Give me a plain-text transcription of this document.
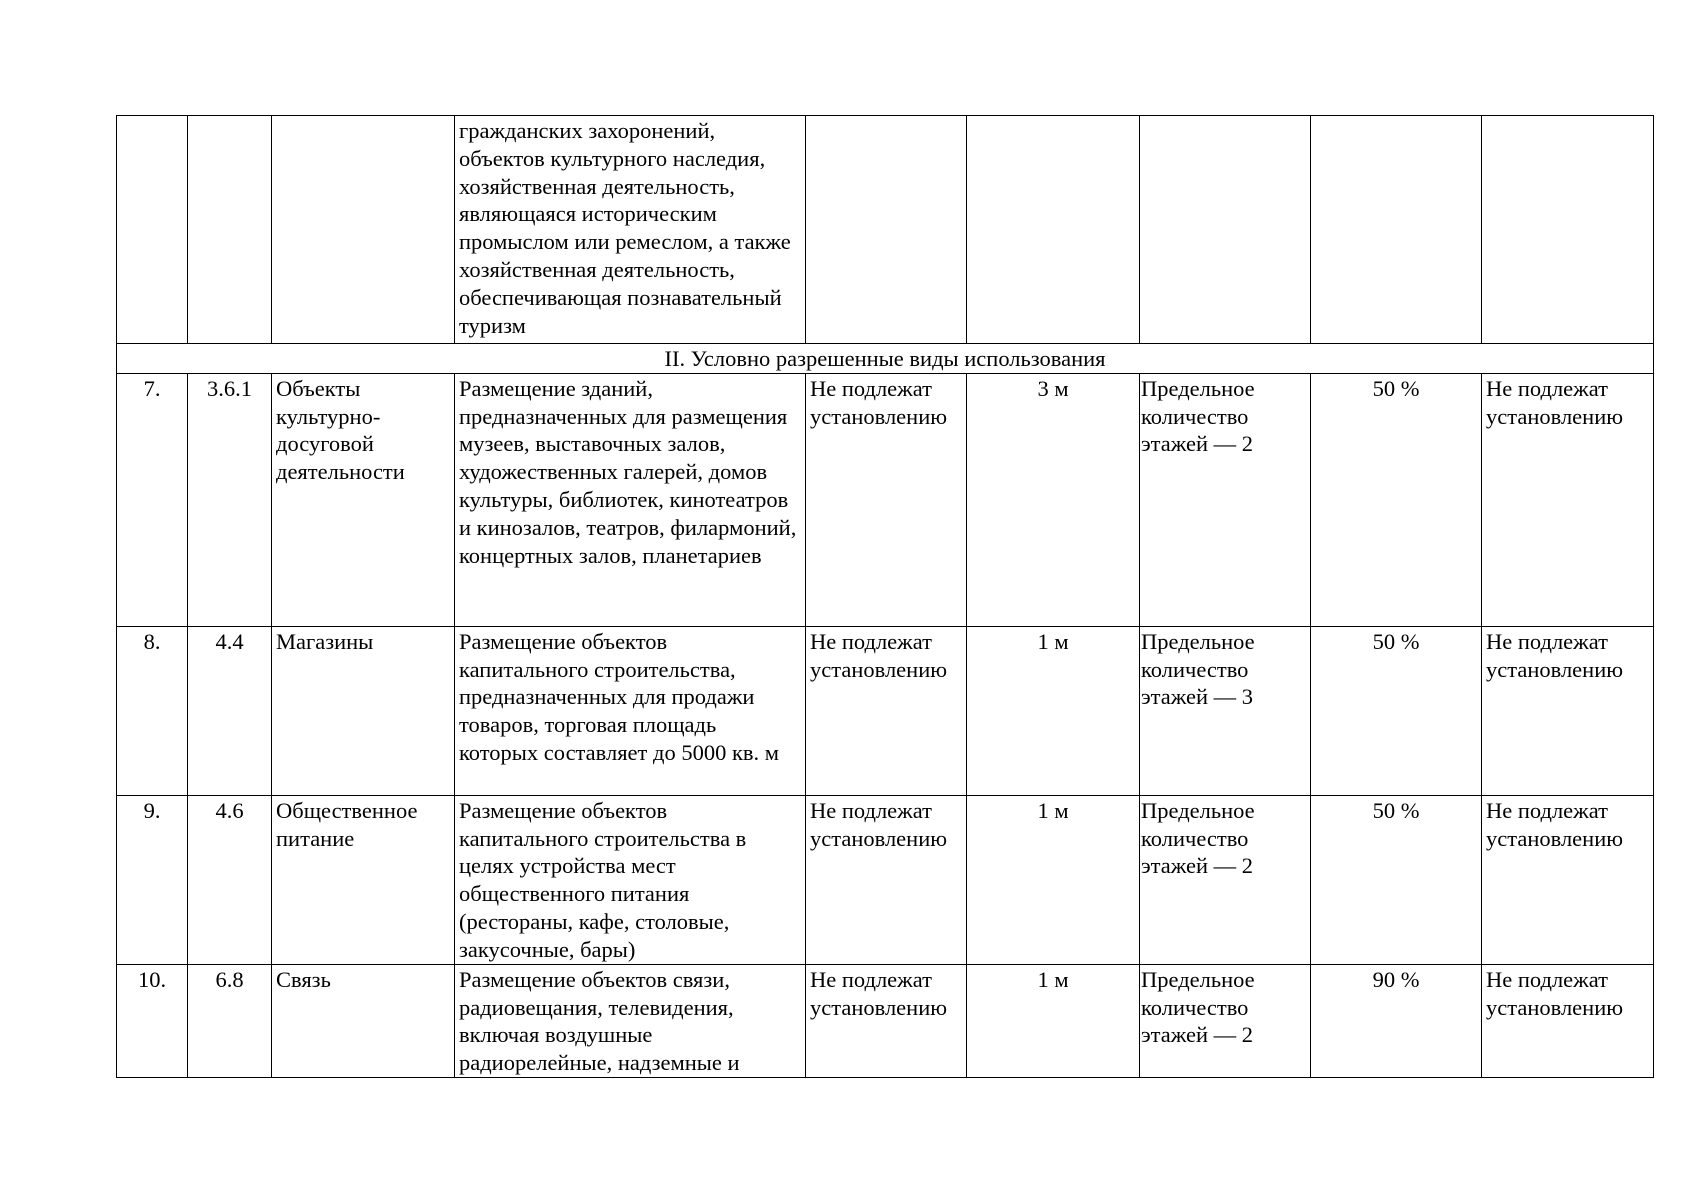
			гражданских захоронений, объектов культурного наследия, хозяйственная деятельность, являющаяся историческим промыслом или ремеслом, а также хозяйственная деятельность, обеспечивающая познавательный туризм					
II. Условно разрешенные виды использования								
7.	3.6.1	Объекты культурно-досуговой деятельности	Размещение зданий, предназначенных для размещения музеев, выставочных залов, художественных галерей, домов культуры, библиотек, кинотеатров и кинозалов, театров, филармоний, концертных залов, планетариев	Не подлежат установлению	3 м	Предельное количество этажей — 2	50 %	Не подлежат установлению
8.	4.4	Магазины	Размещение объектов капитального строительства, предназначенных для продажи товаров, торговая площадь которых составляет до 5000 кв. м	Не подлежат установлению	1 м	Предельное количество этажей — 3	50 %	Не подлежат установлению
9.	4.6	Общественное питание	Размещение объектов капитального строительства в целях устройства мест общественного питания (рестораны, кафе, столовые, закусочные, бары)	Не подлежат установлению	1 м	Предельное количество этажей — 2	50 %	Не подлежат установлению
10.	6.8	Связь	Размещение объектов связи, радиовещания, телевидения, включая воздушные радиорелейные, надземные и	Не подлежат установлению	1 м	Предельное количество этажей — 2	90 %	Не подлежат установлению
